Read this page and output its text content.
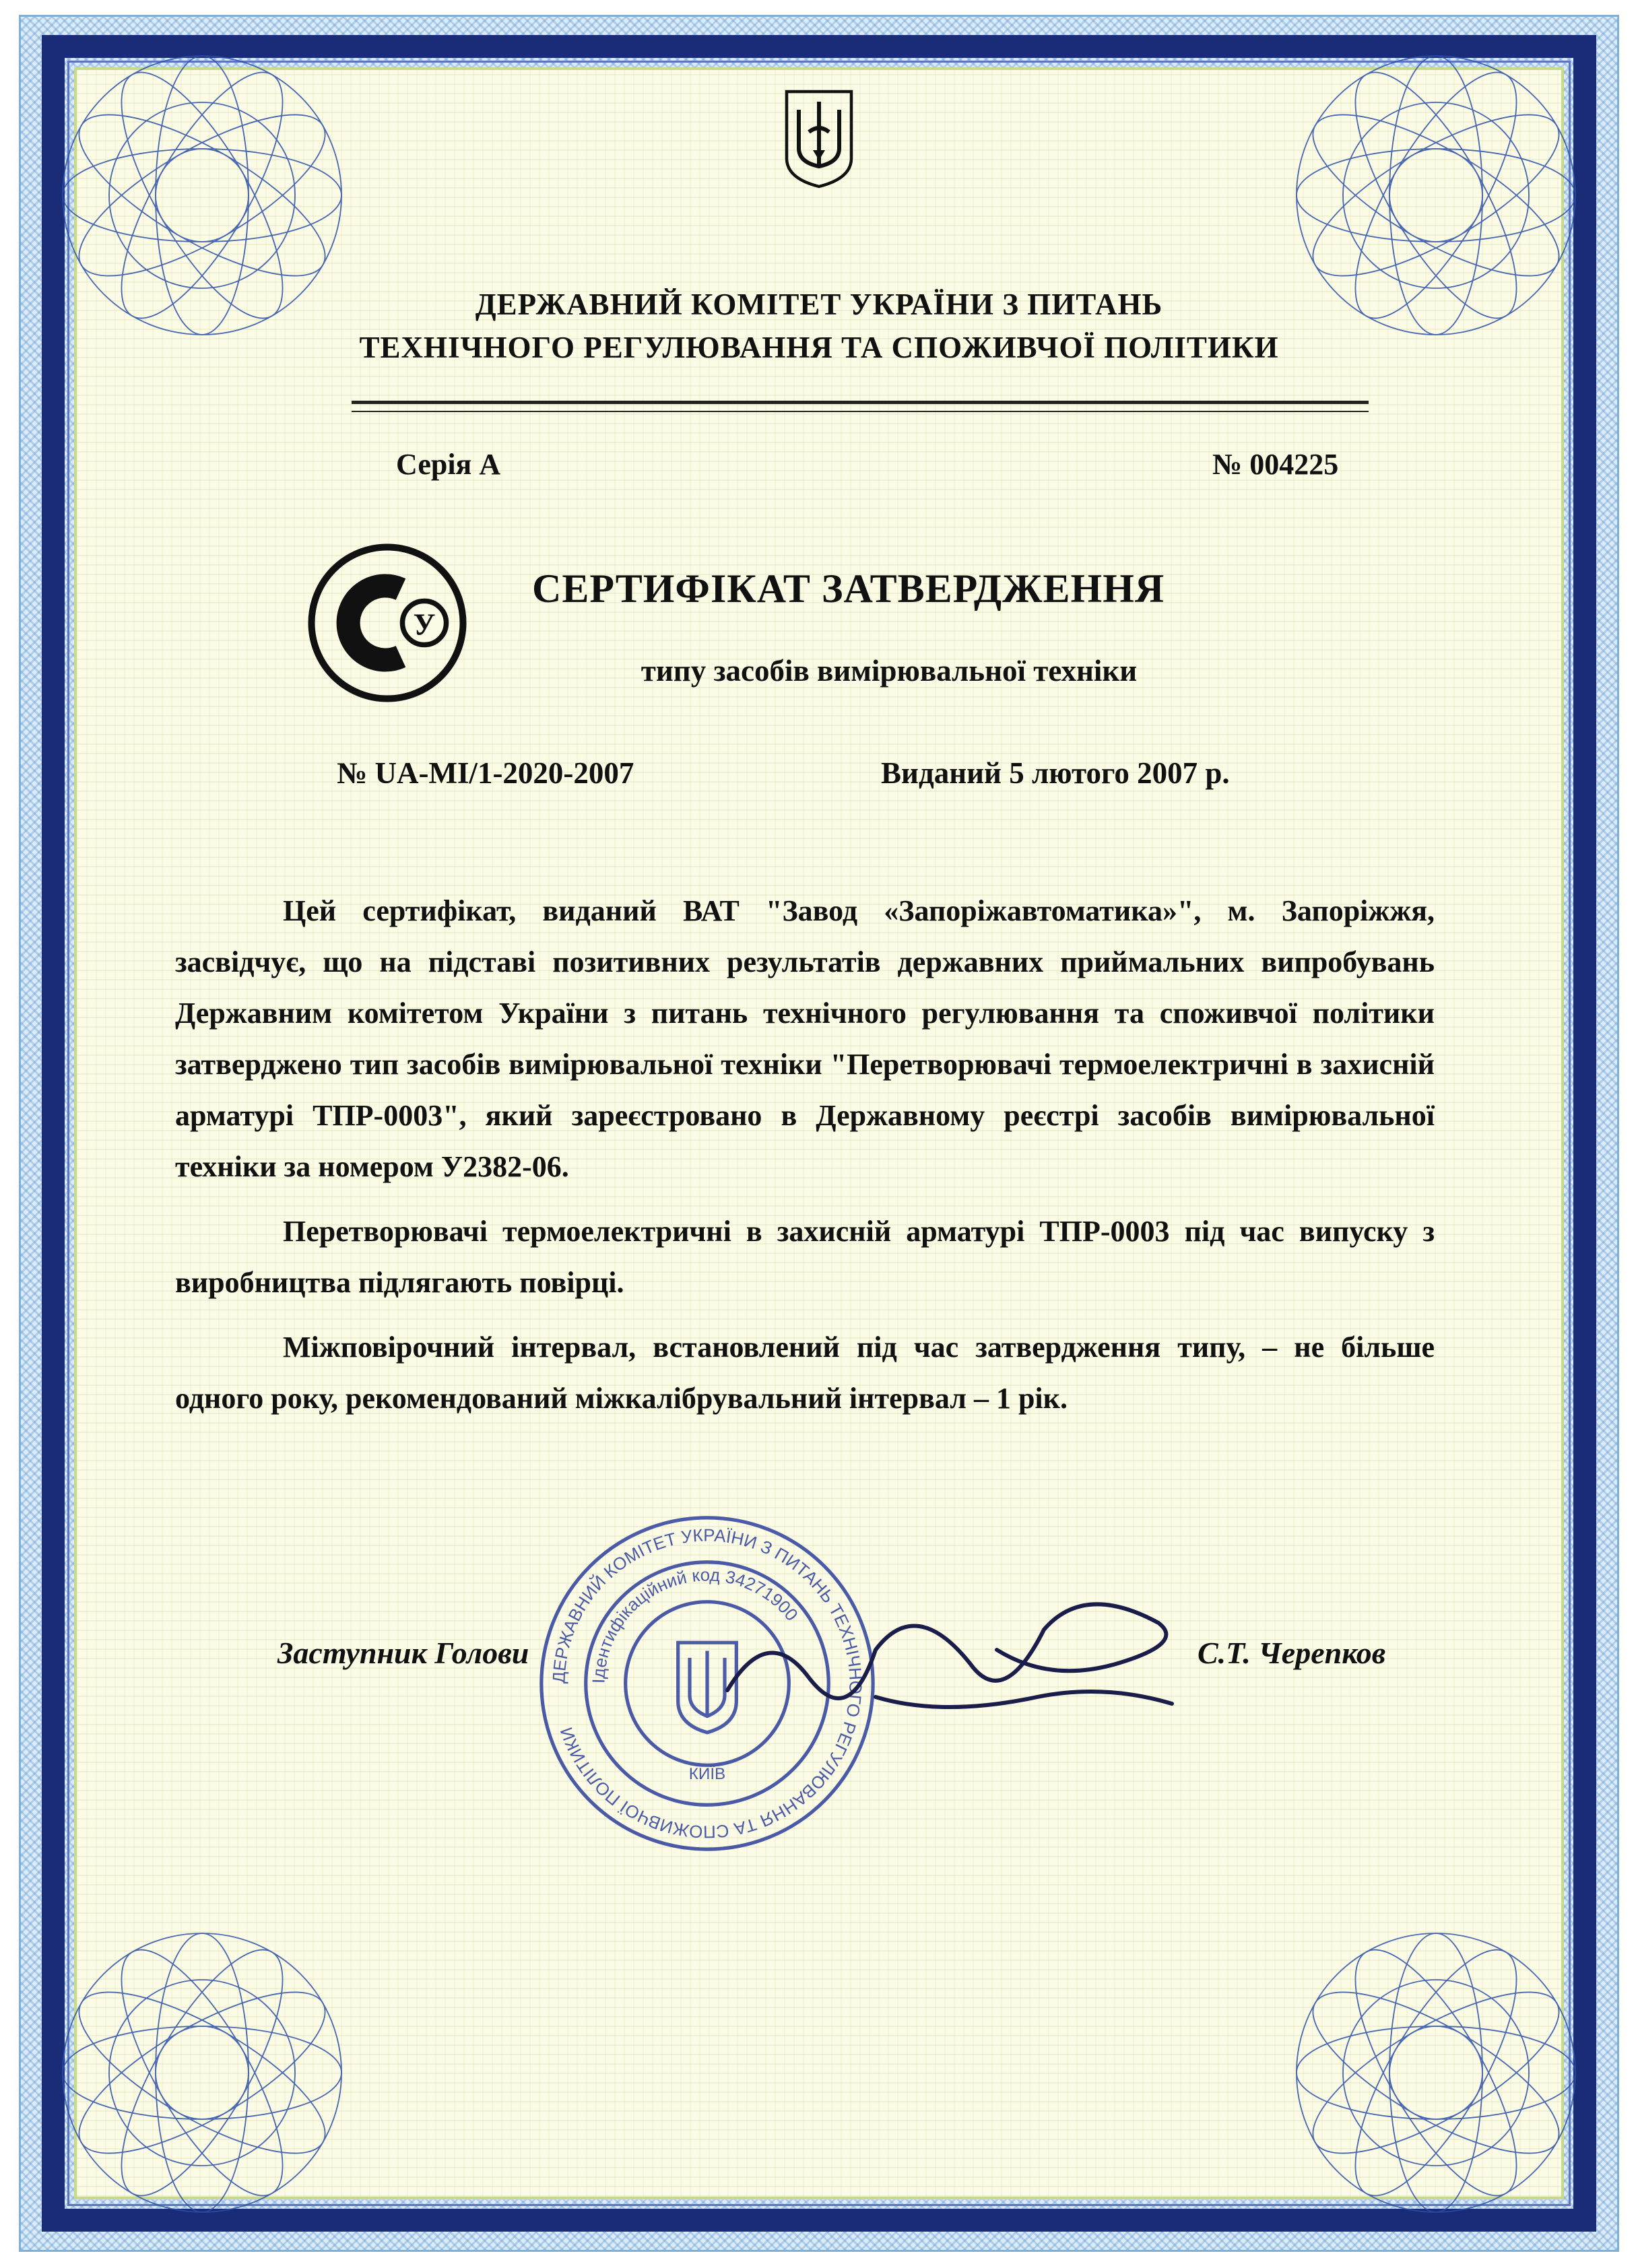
ДЕРЖАВНИЙ КОМІТЕТ УКРАЇНИ З ПИТАНЬ
ТЕХНІЧНОГО РЕГУЛЮВАННЯ ТА СПОЖИВЧОЇ ПОЛІТИКИ
Серія А	№ 004225
У
СЕРТИФІКАТ ЗАТВЕРДЖЕННЯ
типу засобів вимірювальної техніки
№ UA-MI/1-2020-2007	Виданий 5 лютого 2007 р.

Цей сертифікат, виданий ВАТ "Завод «Запоріжавтоматика»", м. Запоріжжя, засвідчує, що на підставі позитивних результатів державних приймальних випробувань Державним комітетом України з питань технічного регулювання та споживчої політики затверджено тип засобів вимірювальної техніки "Перетворювачі термоелектричні в захисній арматурі ТПР-0003", який зареєстровано в Державному реєстрі засобів вимірювальної техніки за номером У2382-06.

Перетворювачі термоелектричні в захисній арматурі ТПР-0003 під час випуску з виробництва підлягають повірці.

Міжповірочний інтервал, встановлений під час затвердження типу, – не більше одного року, рекомендований міжкалібрувальний інтервал – 1 рік.

ДЕРЖАВНИЙ КОМІТЕТ УКРАЇНИ З ПИТАНЬ ТЕХНІЧНОГО РЕГУЛЮВАННЯ ТА СПОЖИВЧОЇ ПОЛІТИКИ
Ідентифікаційний код 34271900
КИЇВ
Заступник Голови	С.Т. Черепков
